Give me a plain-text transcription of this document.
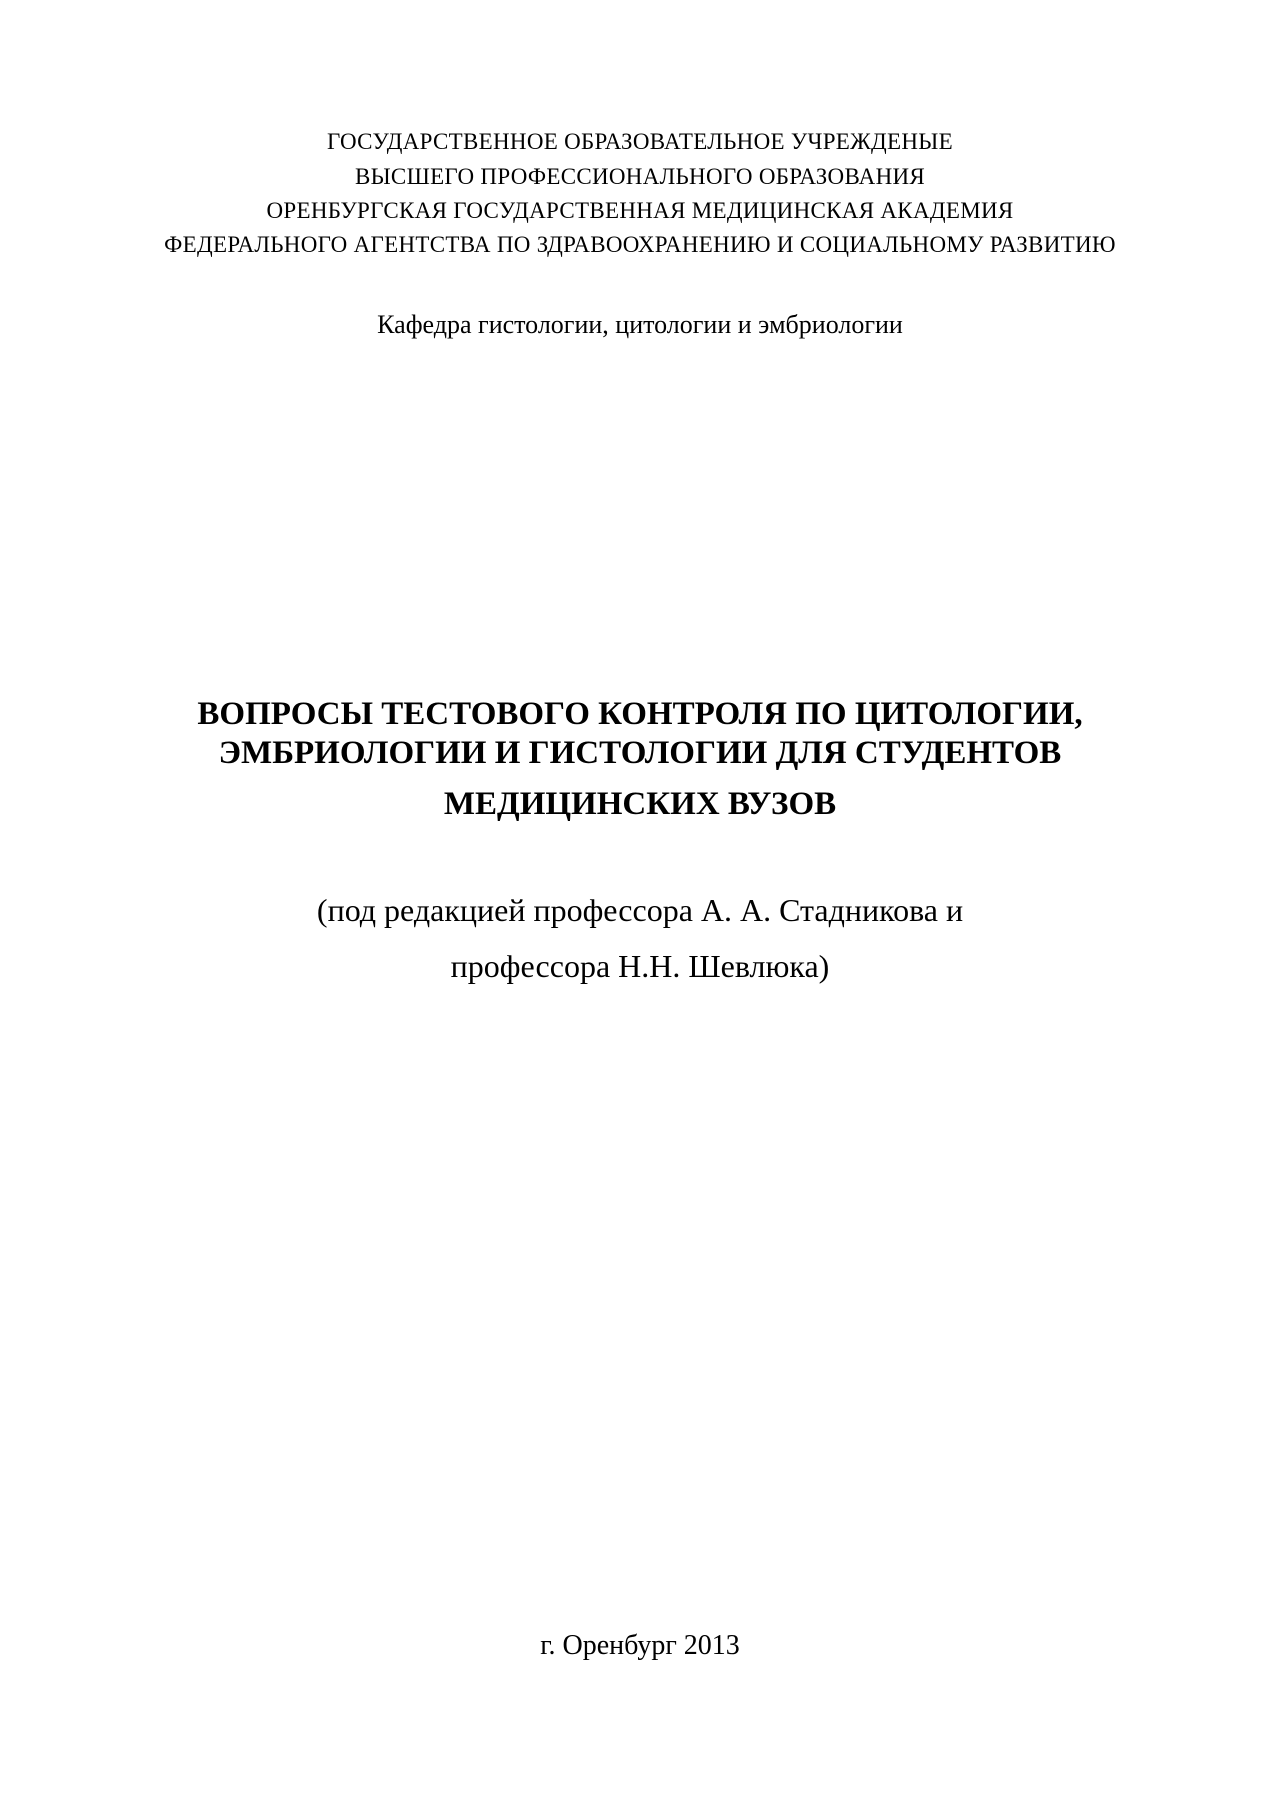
ГОСУДАРСТВЕННОЕ ОБРАЗОВАТЕЛЬНОЕ УЧРЕЖДЕНЫЕ
ВЫСШЕГО ПРОФЕССИОНАЛЬНОГО ОБРАЗОВАНИЯ
ОРЕНБУРГСКАЯ ГОСУДАРСТВЕННАЯ МЕДИЦИНСКАЯ АКАДЕМИЯ
ФЕДЕРАЛЬНОГО АГЕНТСТВА ПО ЗДРАВООХРАНЕНИЮ И СОЦИАЛЬНОМУ РАЗВИТИЮ
Кафедра гистологии, цитологии и эмбриологии
ВОПРОСЫ ТЕСТОВОГО КОНТРОЛЯ ПО ЦИТОЛОГИИ,
ЭМБРИОЛОГИИ И ГИСТОЛОГИИ ДЛЯ СТУДЕНТОВ
МЕДИЦИНСКИХ ВУЗОВ
(под редакцией профессора А. А. Стадникова и
профессора Н.Н. Шевлюка)
г. Оренбург 2013
